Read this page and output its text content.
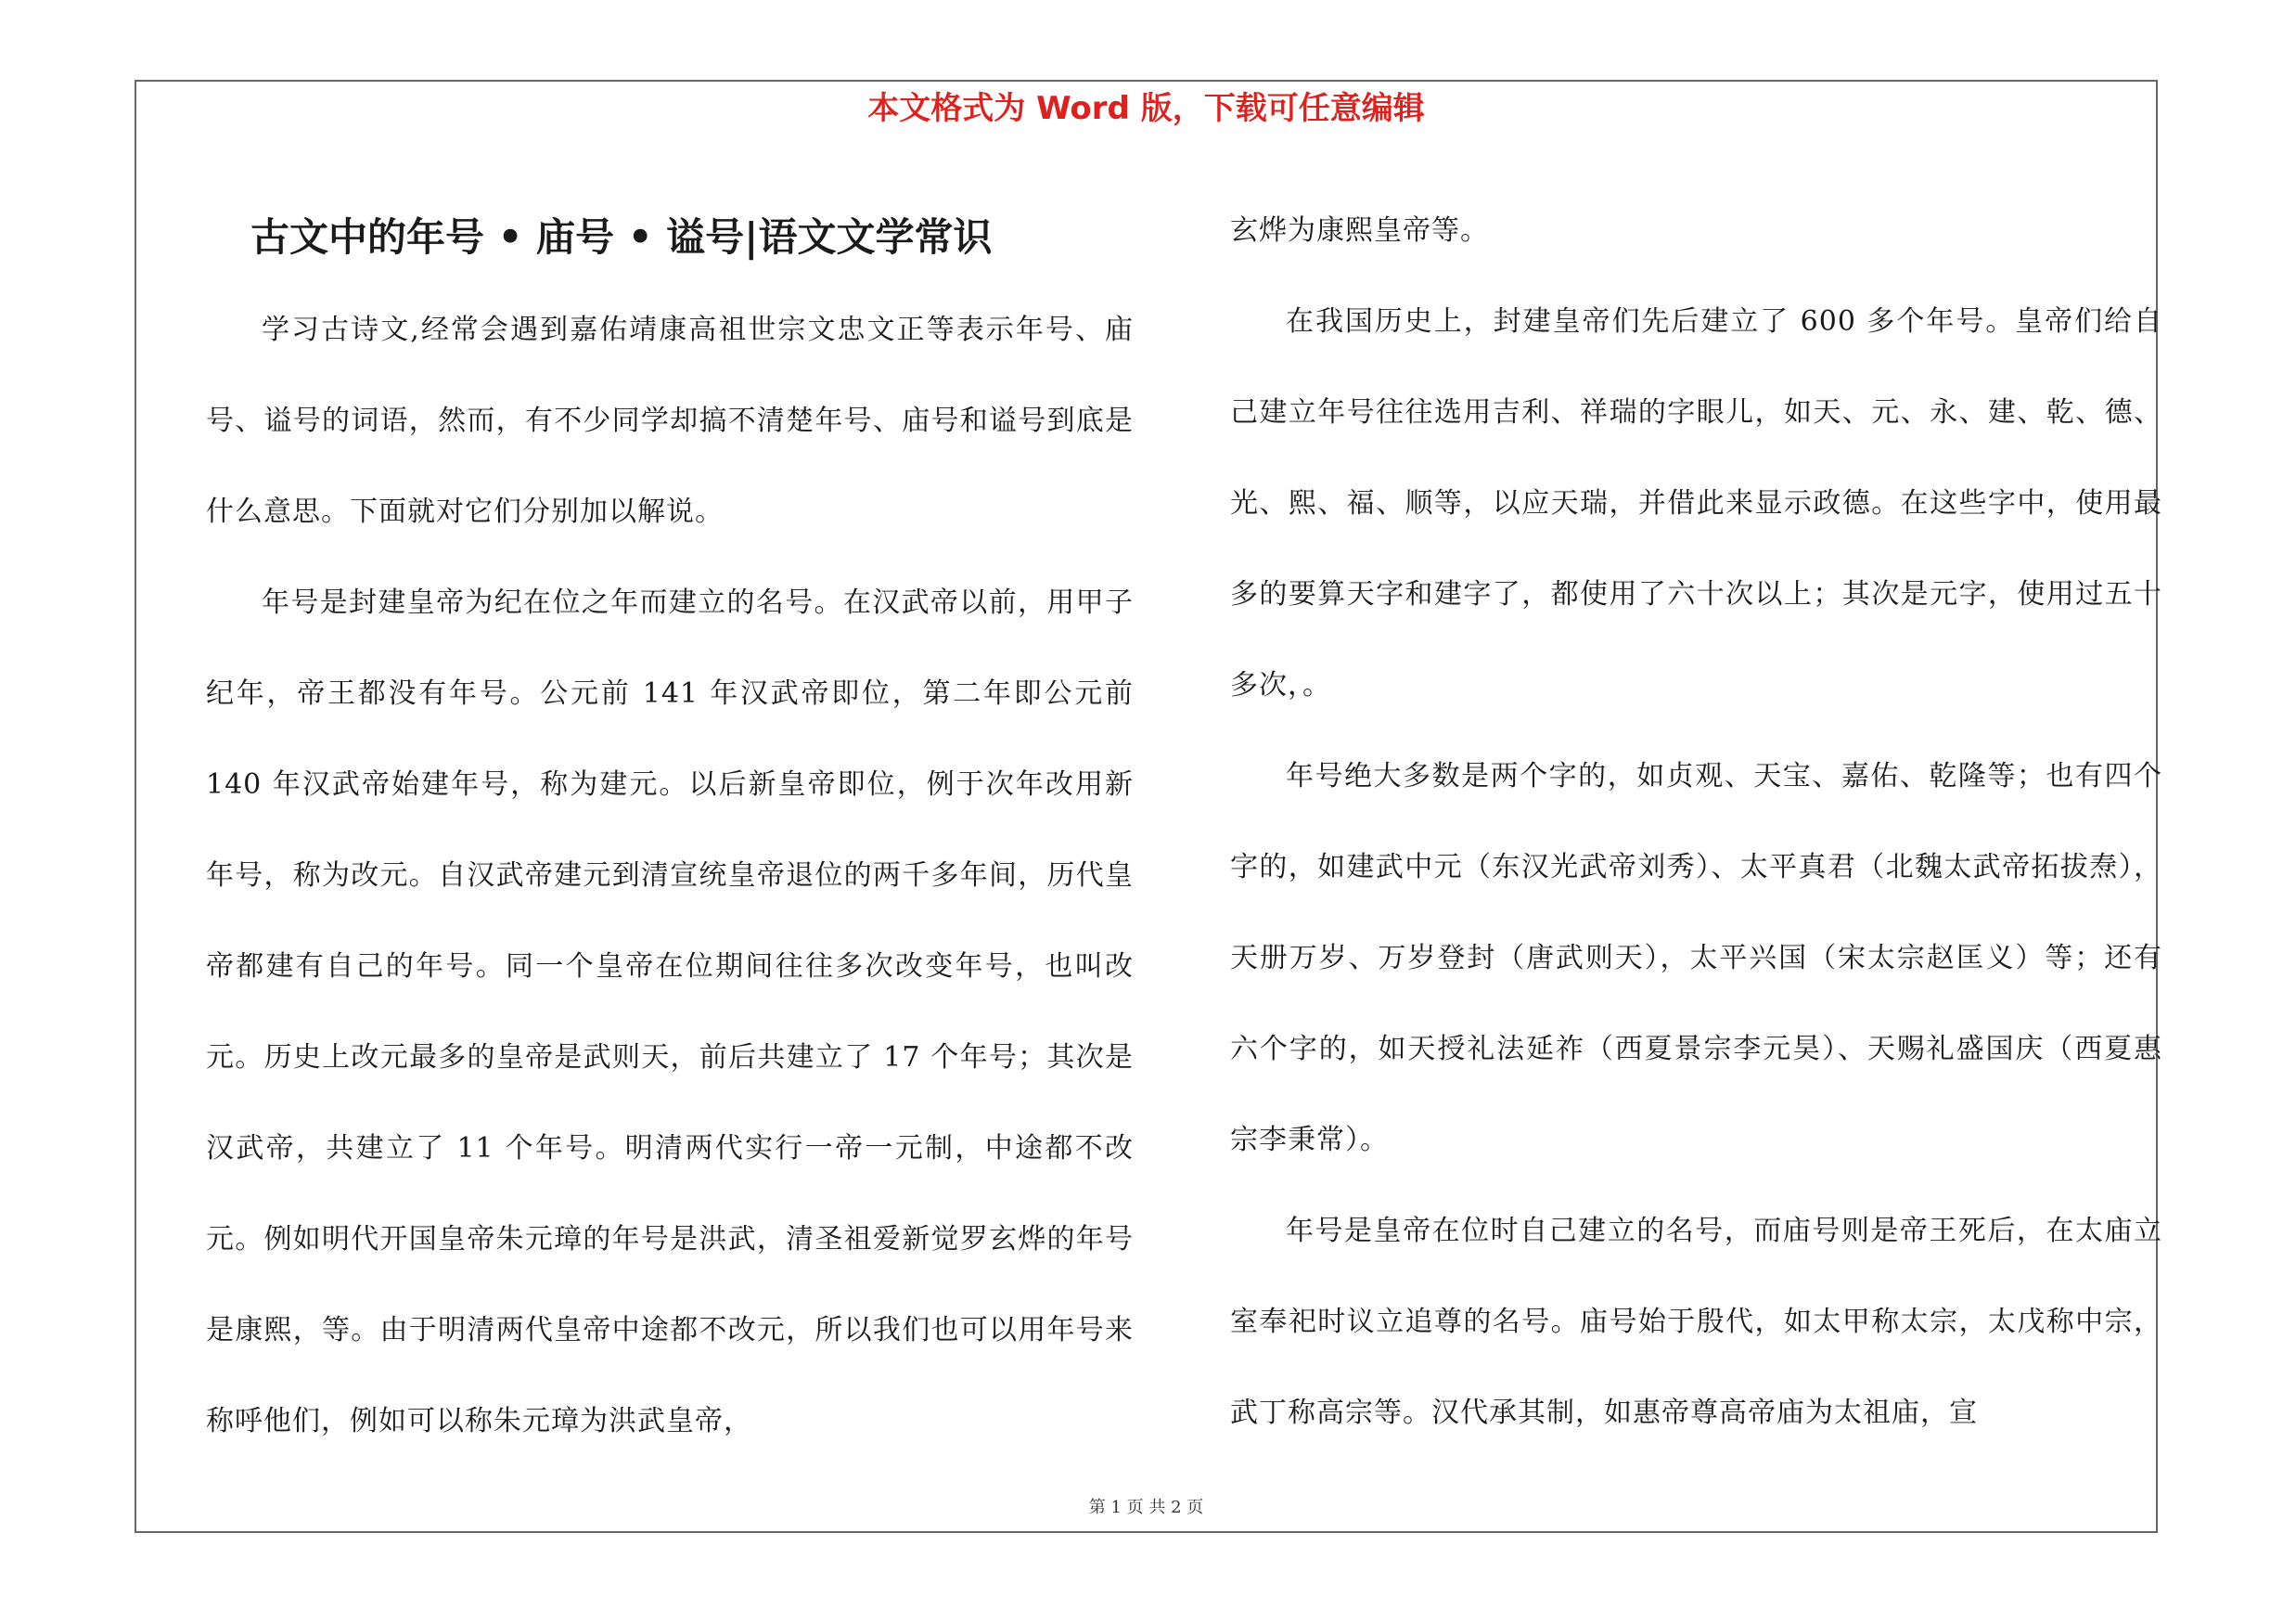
本文格式为 Word 版，下载可任意编辑
古文中的年号 • 庙号 • 谥号|语文文学常识

学习古诗文,经常会遇到嘉佑靖康高祖世宗文忠文正等表示年号、庙号、谥号的词语，然而，有不少同学却搞不清楚年号、庙号和谥号到底是什么意思。下面就对它们分别加以解说。

年号是封建皇帝为纪在位之年而建立的名号。在汉武帝以前，用甲子纪年，帝王都没有年号。公元前 141 年汉武帝即位，第二年即公元前 140 年汉武帝始建年号，称为建元。以后新皇帝即位，例于次年改用新年号，称为改元。自汉武帝建元到清宣统皇帝退位的两千多年间，历代皇帝都建有自己的年号。同一个皇帝在位期间往往多次改变年号，也叫改元。历史上改元最多的皇帝是武则天，前后共建立了 17 个年号；其次是汉武帝，共建立了 11 个年号。明清两代实行一帝一元制，中途都不改元。例如明代开国皇帝朱元璋的年号是洪武，清圣祖爱新觉罗玄烨的年号是康熙，等。由于明清两代皇帝中途都不改元，所以我们也可以用年号来称呼他们，例如可以称朱元璋为洪武皇帝，

玄烨为康熙皇帝等。

在我国历史上，封建皇帝们先后建立了 600 多个年号。皇帝们给自己建立年号往往选用吉利、祥瑞的字眼儿，如天、元、永、建、乾、德、光、熙、福、顺等，以应天瑞，并借此来显示政德。在这些字中，使用最多的要算天字和建字了，都使用了六十次以上；其次是元字，使用过五十多次，。

年号绝大多数是两个字的，如贞观、天宝、嘉佑、乾隆等；也有四个字的，如建武中元（东汉光武帝刘秀）、太平真君（北魏太武帝拓拔焘），天册万岁、万岁登封（唐武则天），太平兴国（宋太宗赵匡义）等；还有六个字的，如天授礼法延祚（西夏景宗李元昊）、天赐礼盛国庆（西夏惠宗李秉常）。

年号是皇帝在位时自己建立的名号，而庙号则是帝王死后，在太庙立室奉祀时议立追尊的名号。庙号始于殷代，如太甲称太宗，太戊称中宗，武丁称高宗等。汉代承其制，如惠帝尊高帝庙为太祖庙，宣

第 1 页 共 2 页
